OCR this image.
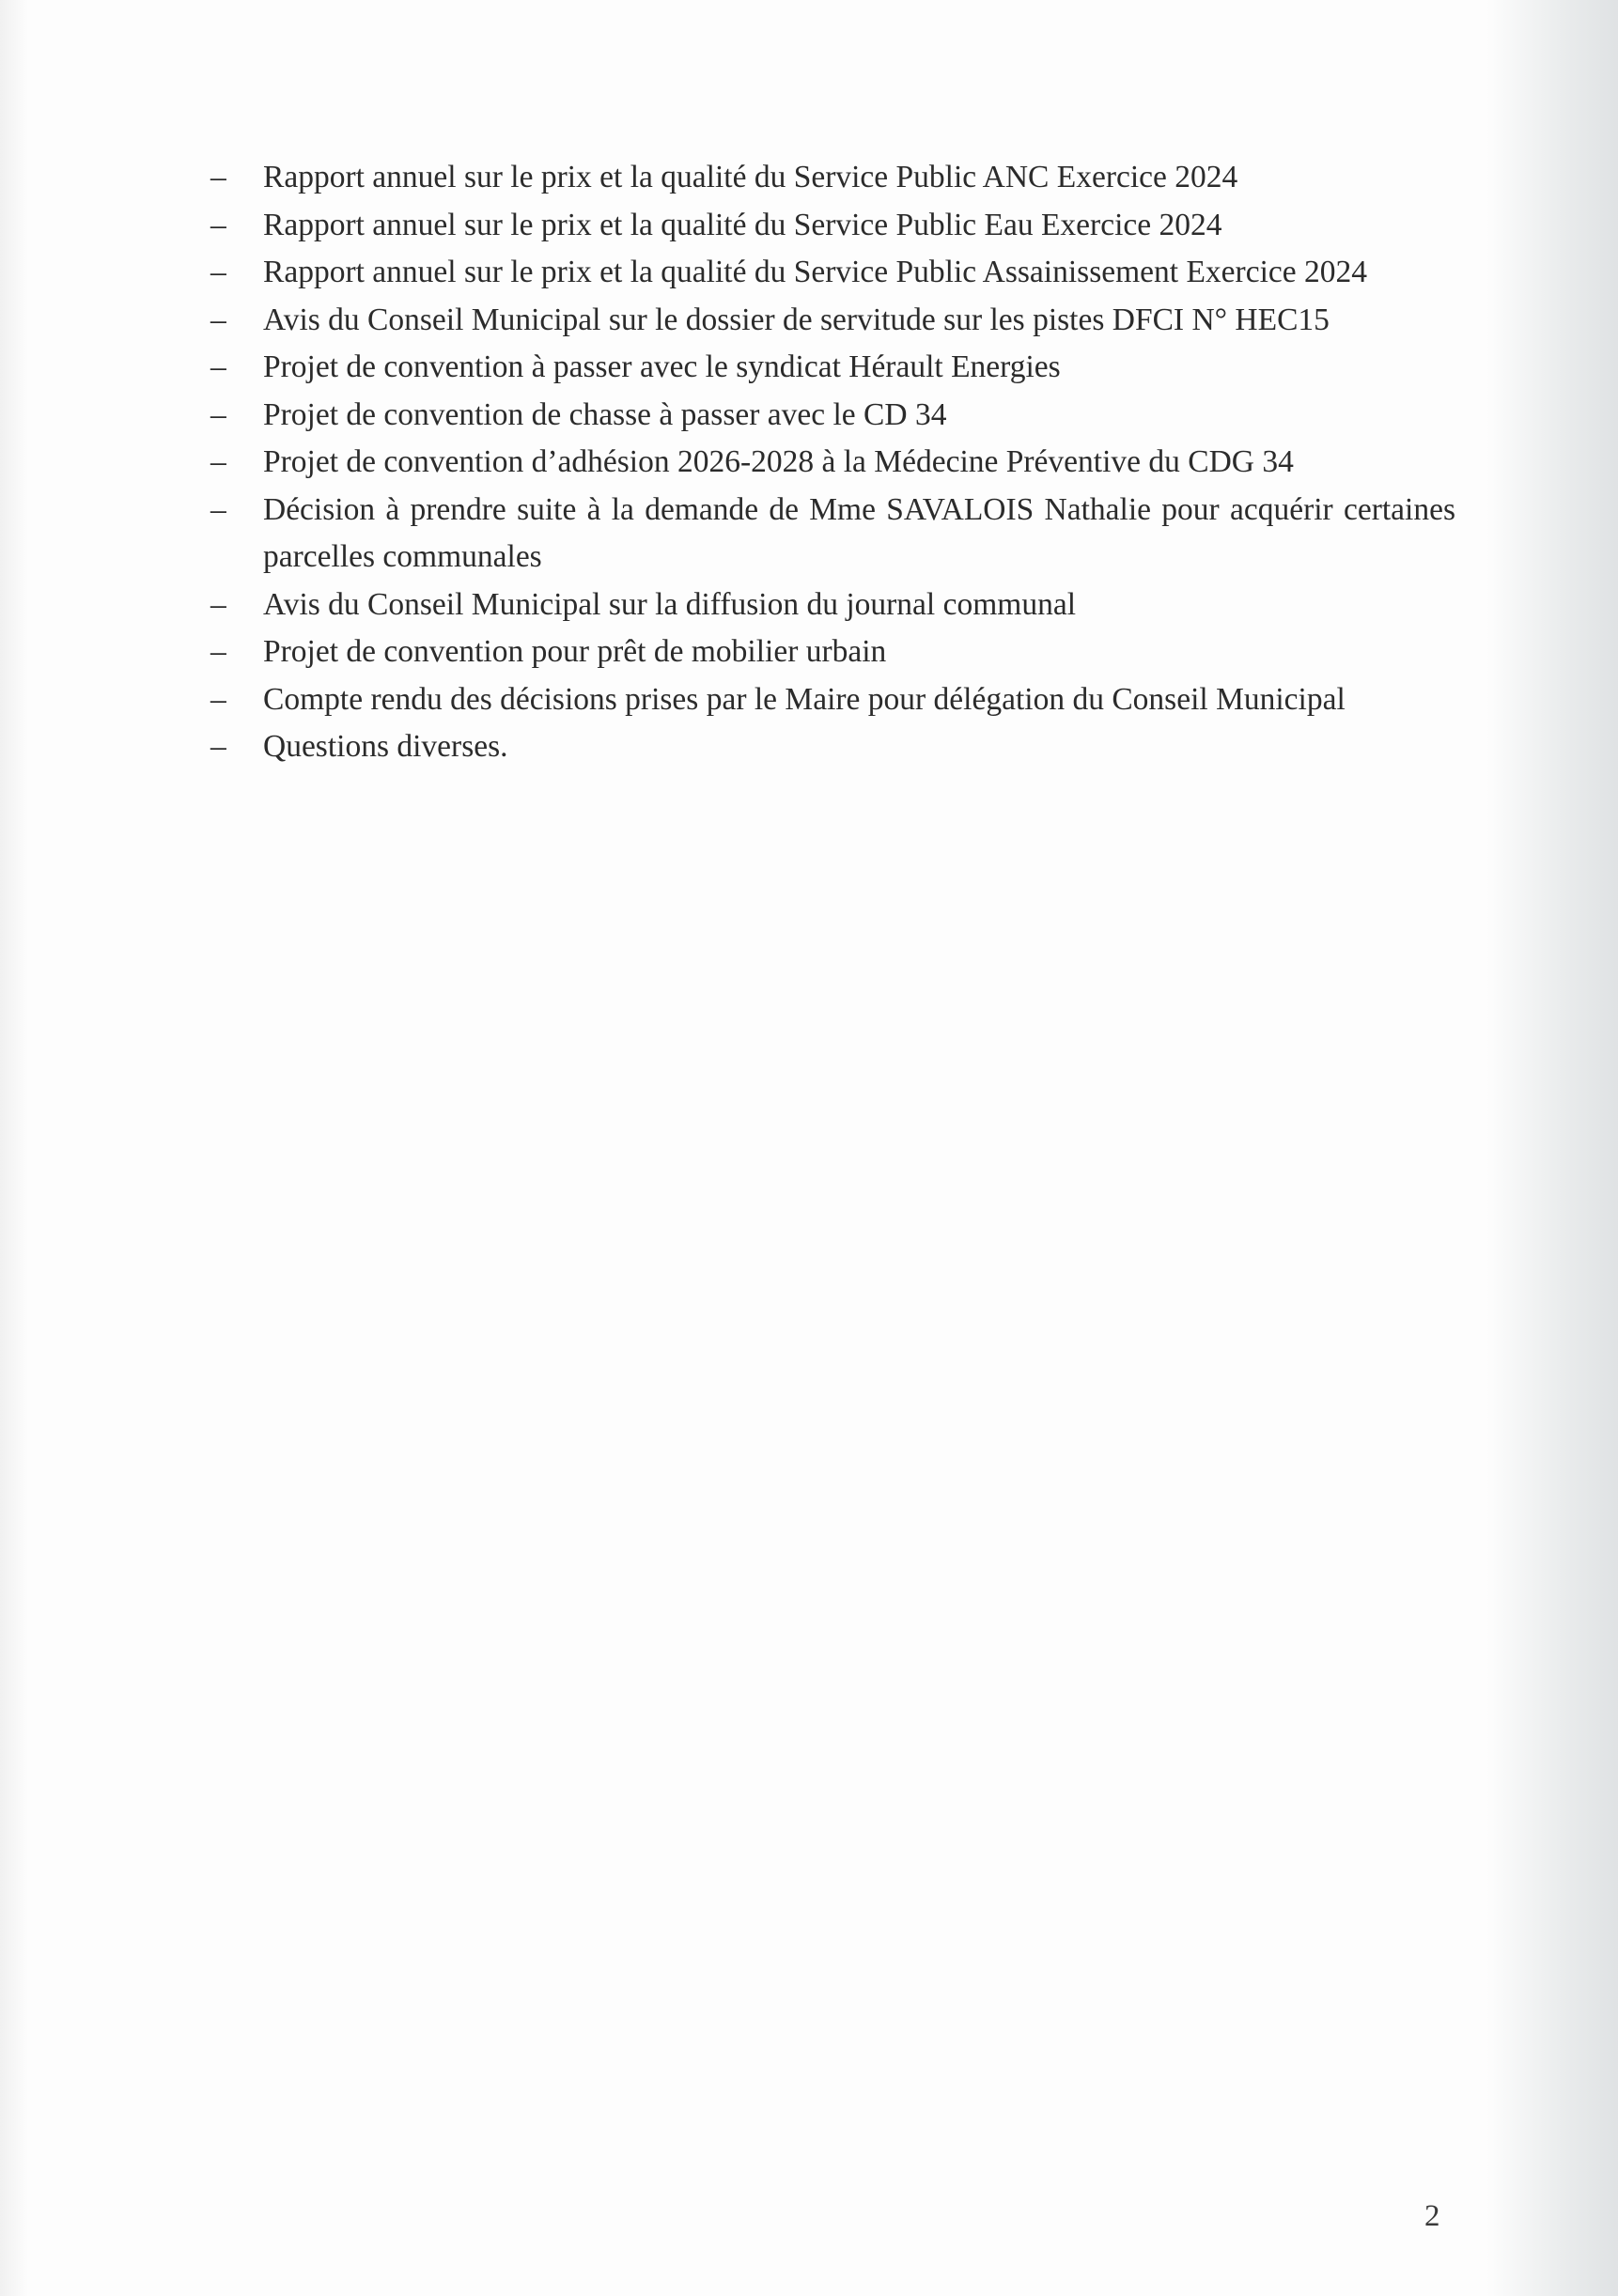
–	Rapport annuel sur le prix et la qualité du Service Public ANC Exercice 2024
–	Rapport annuel sur le prix et la qualité du Service Public Eau Exercice 2024
–	Rapport annuel sur le prix et la qualité du Service Public Assainissement Exercice 2024
–	Avis du Conseil Municipal sur le dossier de servitude sur les pistes DFCI N° HEC15
–	Projet de convention à passer avec le syndicat Hérault Energies
–	Projet de convention de chasse à passer avec le CD 34
–	Projet de convention d’adhésion 2026-2028 à la Médecine Préventive du CDG 34
–	Décision à prendre suite à la demande de Mme SAVALOIS Nathalie pour acquérir certaines parcelles communales
–	Avis du Conseil Municipal sur la diffusion du journal communal
–	Projet de convention pour prêt de mobilier urbain
–	Compte rendu des décisions prises par le Maire pour délégation du Conseil Municipal
–	Questions diverses.
2
